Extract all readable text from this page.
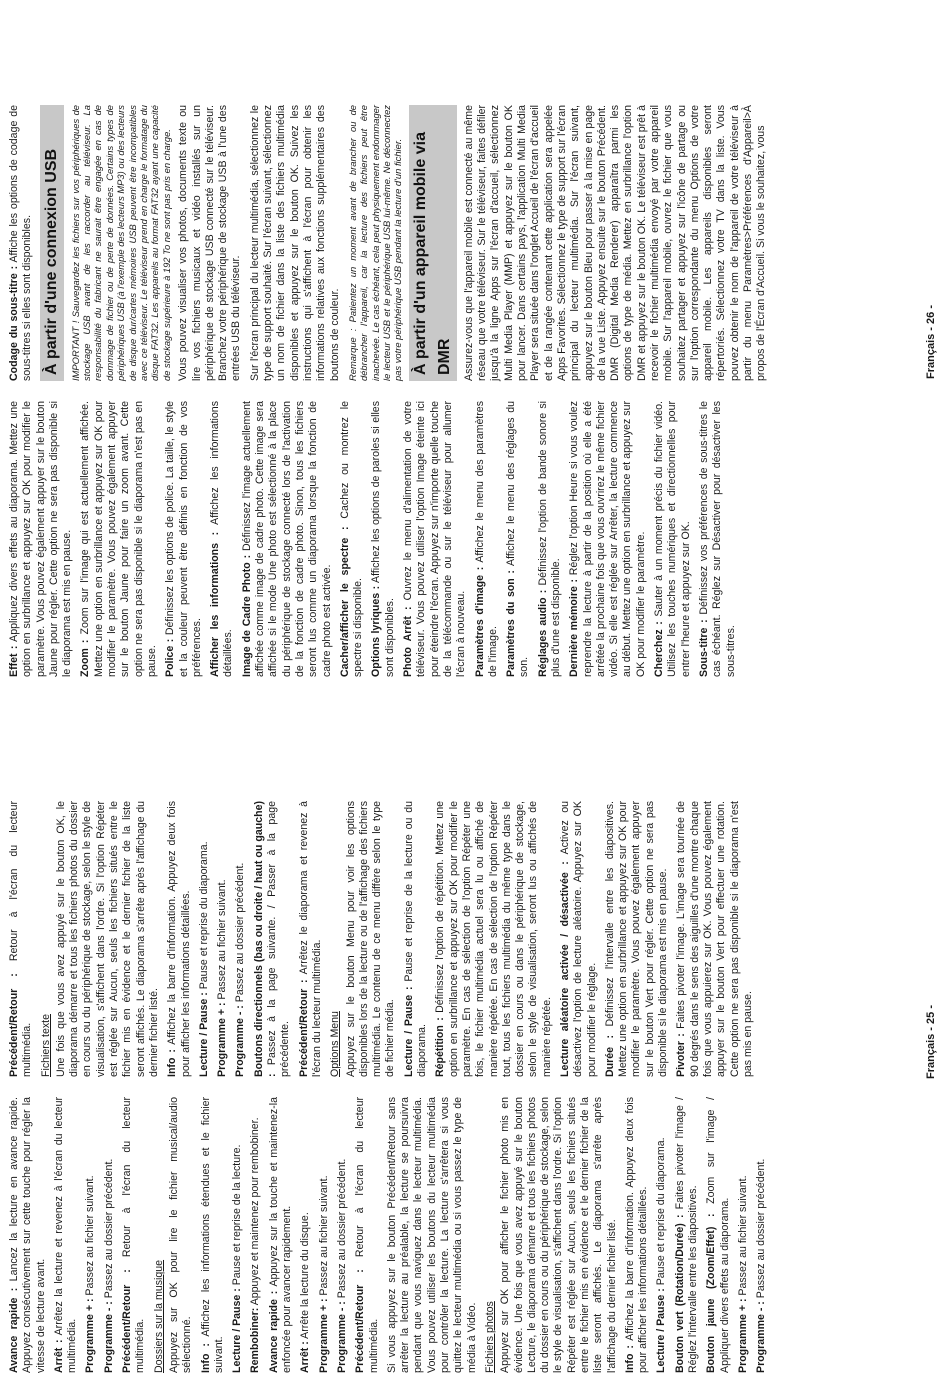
Avance rapide : Lancez la lecture en avance rapide. Appuyez consécutivement sur cette touche pour régler la vitesse de lecture avant. Arrêt : Arrêtez la lecture et revenez à l'écran du lecteur multimédia. Programme + : Passez au fichier suivant.

Programme - : Passez au dossier précédent.

Précédent/Retour : Retour à l'écran du lecteur multimédia. Dossiers sur la musique Appuyez sur OK pour lire le fichier musical/audio sélectionné. Info : Affichez les informations étendues et le fichier suivant. Lecture / Pause : Pause et reprise de la lecture.

Rembobiner: Appuyez et maintenez pour rembobiner.

Avance rapide : Appuyez sur la touche et maintenez-la enfoncée pour avancer rapidement. Arrêt : Arrête la lecture du disque. Programme + : Passez au fichier suivant.

Programme - : Passez au dossier précédent.

Précédent/Retour : Retour à l'écran du lecteur multimédia. Si vous appuyez sur le bouton Précédent/Retour sans arrêter la lecture au préalable, la lecture se poursuivra pendant que vous naviguez dans le lecteur multimédia. Vous pouvez utiliser les boutons du lecteur multimédia pour contrôler la lecture. La lecture s'arrêtera si vous quittez le lecteur multimédia ou si vous passez le type de média à Vidéo. Fichiers photos Appuyez sur OK pour afficher le fichier photo mis en évidence. Une fois que vous avez appuyé sur le bouton Lecture, le diaporama démarre et tous les fichiers photos du dossier en cours ou du périphérique de stockage, selon le style de visualisation, s'affichent dans l'ordre. Si l'option Répéter est réglée sur Aucun, seuls les fichiers situés entre le fichier mis en évidence et le dernier fichier de la liste seront affichés. Le diaporama s'arrête après l'affichage du dernier fichier listé. Info : Affichez la barre d'information. Appuyez deux fois pour afficher les informations détaillées. Lecture / Pause : Pause et reprise du diaporama.

Bouton vert (Rotation/Durée) : Faites pivoter l'image / Réglez l'intervalle entre les diapositives. Bouton jaune (Zoom/Effet) : Zoom sur l'image / Appliquer divers effets au diaporama. Programme + : Passez au fichier suivant.

Programme - : Passez au dossier précédent.

Précédent/Retour : Retour à l'écran du lecteur multimédia. Fichiers texte Une fois que vous avez appuyé sur le bouton OK, le diaporama démarre et tous les fichiers photos du dossier en cours ou du périphérique de stockage, selon le style de visualisation, s'affichent dans l'ordre. Si l'option Répéter est réglée sur Aucun, seuls les fichiers situés entre le fichier mis en évidence et le dernier fichier de la liste seront affichés. Le diaporama s'arrête après l'affichage du dernier fichier listé. Info : Affichez la barre d'information. Appuyez deux fois pour afficher les informations détaillées. Lecture / Pause : Pause et reprise du diaporama.

Programme + : Passez au fichier suivant.

Programme - : Passez au dossier précédent. Boutons directionnels (bas ou droite / haut ou gauche) : Passez à la page suivante. / Passer à la page précédente. Précédent/Retour : Arrêtez le diaporama et revenez à l'écran du lecteur multimédia. Options Menu Appuyez sur le bouton Menu pour voir les options disponibles lors de la lecture ou de l'affichage des fichiers multimédia. Le contenu de ce menu diffère selon le type de fichier média. Lecture / Pause : Pause et reprise de la lecture ou du diaporama. Répétition : Définissez l'option de répétition. Mettez une option en surbrillance et appuyez sur OK pour modifier le paramètre. En cas de sélection de l'option Répéter une fois, le fichier multimédia actuel sera lu ou affiché de manière répétée. En cas de sélection de l'option Répéter tout, tous les fichiers multimédia du même type dans le dossier en cours ou dans le périphérique de stockage, selon le style de visualisation, seront lus ou affichés de manière répétée. Lecture aléatoire activée / désactivée : Activez ou désactivez l'option de lecture aléatoire. Appuyez sur OK pour modifier le réglage. Durée : Définissez l'intervalle entre les diapositives. Mettez une option en surbrillance et appuyez sur OK pour modifier le paramètre. Vous pouvez également appuyer sur le bouton Vert pour régler. Cette option ne sera pas disponible si le diaporama est mis en pause. Pivoter : Faites pivoter l'image. L'image sera tournée de 90 degrés dans le sens des aiguilles d'une montre chaque fois que vous appuierez sur OK. Vous pouvez également appuyer sur le bouton Vert pour effectuer une rotation. Cette option ne sera pas disponible si le diaporama n'est pas mis en pause.	Français - 25 -

Effet : Appliquez divers effets au diaporama. Mettez une option en surbrillance et appuyez sur OK pour modifier le paramètre. Vous pouvez également appuyer sur le bouton Jaune pour régler. Cette option ne sera pas disponible si le diaporama est mis en pause. Zoom : Zoom sur l'image qui est actuellement affichée. Mettez une option en surbrillance et appuyez sur OK pour modifier le paramètre. Vous pouvez également appuyer sur le bouton Jaune pour faire un zoom avant. Cette option ne sera pas disponible si le diaporama n'est pas en pause. Police : Définissez les options de police. La taille, le style et la couleur peuvent être définis en fonction de vos préférences. Afficher les informations : Affichez les informations détaillées. Image de Cadre Photo : Définissez l'image actuellement affichée comme image de cadre photo. Cette image sera affichée si le mode Une photo est sélectionné à la place du périphérique de stockage connecté lors de l'activation de la fonction de cadre photo. Sinon, tous les fichiers seront lus comme un diaporama lorsque la fonction de cadre photo est activée. Cacher/afficher le spectre : Cachez ou montrez le spectre si disponible. Options lyriques : Affichez les options de paroles si elles sont disponibles. Photo Arrêt : Ouvrez le menu d'alimentation de votre téléviseur. Vous pouvez utiliser l'option Image éteinte ici pour éteindre l'écran. Appuyez sur n'importe quelle touche de la télécommande ou sur le téléviseur pour allumer l'écran à nouveau. Paramètres d'image : Affichez le menu des paramètres de l'image. Paramètres du son : Affichez le menu des réglages du son. Réglages audio : Définissez l'option de bande sonore si plus d'une est disponible. Dernière mémoire : Réglez l'option Heure si vous voulez reprendre la lecture à partir de la position où elle a été arrêtée la prochaine fois que vous ouvrirez le même fichier vidéo. Si elle est réglée sur Arrêter, la lecture commence au début. Mettez une option en surbrillance et appuyez sur OK pour modifier le paramètre. Cherchez : Sauter à un moment précis du fichier vidéo. Utilisez les touches numériques et directionnelles pour entrer l'heure et appuyez sur OK. Sous-titre : Définissez vos préférences de sous-titres le cas échéant. Réglez sur Désactiver pour désactiver les sous-titres.

Codage du sous-titre : Affiche les options de codage de sous-titres si elles sont disponibles. À partir d'une connexion USB	IMPORTANT ! Sauvegardez les fichiers sur vos périphériques de stockage USB avant de les raccorder au téléviseur. La responsabilité du fabricant ne saurait être engagée en cas de dommage de fichier ou de perte de données. Certains types de périphériques USB (à l'exemple des lecteurs MP3) ou des lecteurs de disque dur/cartes mémoires USB peuvent être incompatibles avec ce téléviseur. Le téléviseur prend en charge le formatage du disque FAT32. Les appareils au format FAT32 ayant une capacité de stockage supérieure à 192 To ne sont pas pris en charge. Vous pouvez visualiser vos photos, documents texte ou lire vos fichiers musicaux et vidéo installés sur un périphérique de stockage USB connecté sur le téléviseur. Branchez votre périphérique de stockage USB à l'une des entrées USB du téléviseur. Sur l'écran principal du lecteur multimédia, sélectionnez le type de support souhaité. Sur l'écran suivant, sélectionnez un nom de fichier dans la liste des fichiers multimédia disponibles et appuyez sur le bouton OK. Suivez les instructions qui s'affichent à l'écran pour obtenir les informations relatives aux fonctions supplémentaires des boutons de couleur. Remarque : Patientez un moment avant de brancher ou de débrancher l'appareil, car la lecture des fichiers peut être inachevée. Le cas échéant, cela peut physiquement endommager le lecteur USB et le périphérique USB lui-même. Ne déconnectez pas votre périphérique USB pendant la lecture d'un fichier. À partir d'un appareil mobile via DMR Assurez-vous que l'appareil mobile est connecté au même réseau que votre téléviseur. Sur le téléviseur, faites défiler jusqu'à la ligne Apps sur l'écran d'accueil, sélectionnez Multi Media Player (MMP) et appuyez sur le bouton OK pour lancer. Dans certains pays, l'application Multi Media Player sera située dans l'onglet Accueil de l'écran d'accueil et de la rangée contenant cette application sera appelée Apps Favorites. Sélectionnez le type de support sur l'écran principal du lecteur multimédia. Sur l'écran suivant, appuyez sur le bouton Bleu pour passer à la mise en page de la vue Liste. Appuyez ensuite sur le bouton Précédent. DMR (Digital Media Renderer) apparaîtra parmi les options de type de média. Mettez en surbrillance l'option DMR et appuyez sur le bouton OK. Le téléviseur est prêt à recevoir le fichier multimédia envoyé par votre appareil mobile. Sur l'appareil mobile, ouvrez le fichier que vous souhaitez partager et appuyez sur l'icône de partage ou sur l'option correspondante du menu Options de votre appareil mobile. Les appareils disponibles seront répertoriés. Sélectionnez votre TV dans la liste. Vous pouvez obtenir le nom de l'appareil de votre téléviseur à partir du menu Paramètres>Préférences d'Appareil>À propos de l'Écran d'Accueil. Si vous le souhaitez, vous	Français - 26 -
